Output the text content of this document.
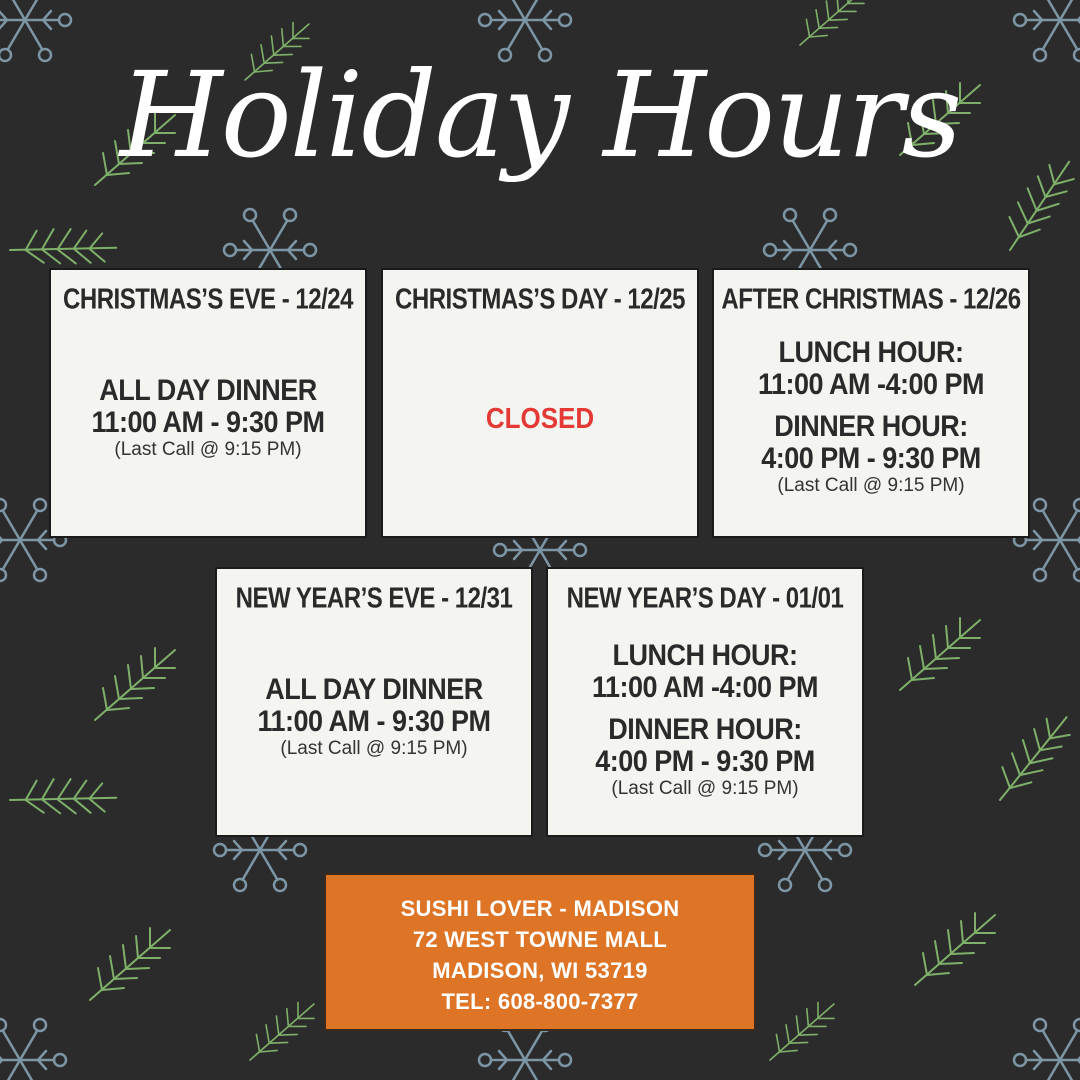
Holiday Hours
CHRISTMAS’S EVE - 12/24
ALL DAY DINNER
11:00 AM - 9:30 PM
(Last Call @ 9:15 PM)
CHRISTMAS’S DAY - 12/25
CLOSED
AFTER CHRISTMAS - 12/26
LUNCH HOUR:
11:00 AM -4:00 PM
DINNER HOUR:
4:00 PM - 9:30 PM
(Last Call @ 9:15 PM)
NEW YEAR’S EVE - 12/31
ALL DAY DINNER
11:00 AM - 9:30 PM
(Last Call @ 9:15 PM)
NEW YEAR’S DAY - 01/01
LUNCH HOUR:
11:00 AM -4:00 PM
DINNER HOUR:
4:00 PM - 9:30 PM
(Last Call @ 9:15 PM)
SUSHI LOVER - MADISON
72 WEST TOWNE MALL
MADISON, WI 53719
TEL: 608-800-7377
